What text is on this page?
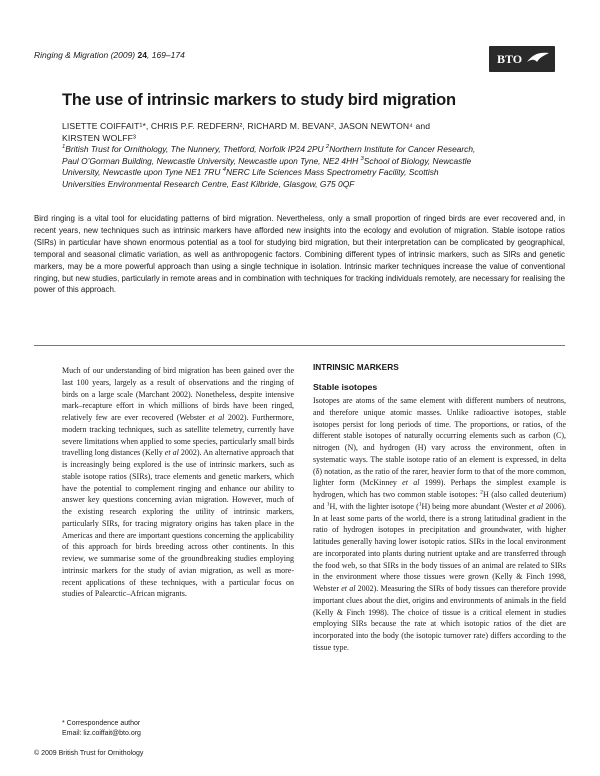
Ringing & Migration (2009) 24, 169–174	BTO
The use of intrinsic markers to study bird migration
LISETTE COIFFAIT¹*, CHRIS P.F. REDFERN², RICHARD M. BEVAN², JASON NEWTON⁴ and
KIRSTEN WOLFF³
$^1$British Trust for Ornithology, The Nunnery, Thetford, Norfolk IP24 2PU $^2$Northern Institute for Cancer Research, Paul O’Gorman Building, Newcastle University, Newcastle upon Tyne, NE2 4HH $^3$School of Biology, Newcastle University, Newcastle upon Tyne NE1 7RU $^4$NERC Life Sciences Mass Spectrometry Facility, Scottish Universities Environmental Research Centre, East Kilbride, Glasgow, G75 0QF
Bird ringing is a vital tool for elucidating patterns of bird migration. Nevertheless, only a small proportion of ringed birds are ever recovered and, in recent years, new techniques such as intrinsic markers have afforded new insights into the ecology and evolution of migration. Stable isotope ratios (SIRs) in particular have shown enormous potential as a tool for studying bird migration, but their interpretation can be complicated by geographical, temporal and seasonal climatic variation, as well as anthropogenic factors. Combining different types of intrinsic markers, such as SIRs and genetic markers, may be a more powerful approach than using a single technique in isolation. Intrinsic marker techniques increase the value of conventional ringing, but new studies, particularly in remote areas and in combination with techniques for tracking individuals remotely, are necessary for realising the power of this approach.

Much of our understanding of bird migration has been gained over the last 100 years, largely as a result of observations and the ringing of birds on a large scale (Marchant 2002). Nonetheless, despite intensive mark–recapture effort in which millions of birds have been ringed, relatively few are ever recovered (Webster et al 2002). Furthermore, modern tracking techniques, such as satellite telemetry, currently have severe limitations when applied to some species, particularly small birds travelling long distances (Kelly et al 2002). An alternative approach that is increasingly being explored is the use of intrinsic markers, such as stable isotope ratios (SIRs), trace elements and genetic markers, which have the potential to complement ringing and enhance our ability to answer key questions concerning avian migration. However, much of the existing research exploring the utility of intrinsic markers, particularly SIRs, for tracing migratory origins has taken place in the Americas and there are important questions concerning the applicability of this approach for birds breeding across other continents. In this review, we summarise some of the groundbreaking studies employing intrinsic markers for the study of avian migration, as well as more-recent applications of these techniques, with a particular focus on studies of Palearctic–African migrants.

INTRINSIC MARKERS
Stable isotopes

Isotopes are atoms of the same element with different numbers of neutrons, and therefore unique atomic masses. Unlike radioactive isotopes, stable isotopes persist for long periods of time. The proportions, or ratios, of the different stable isotopes of naturally occurring elements such as carbon (C), nitrogen (N), and hydrogen (H) vary across the environment, often in systematic ways. The stable isotope ratio of an element is expressed, in delta (δ) notation, as the ratio of the rarer, heavier form to that of the more common, lighter form (McKinney et al 1999). Perhaps the simplest example is hydrogen, which has two common stable isotopes: $^2$H (also called deuterium) and $^1$H, with the lighter isotope ($^1$H) being more abundant (Wester et al 2006). In at least some parts of the world, there is a strong latitudinal gradient in the ratio of hydrogen isotopes in precipitation and groundwater, with higher latitudes generally having lower isotopic ratios. SIRs in the local environment are incorporated into plants during nutrient uptake and are transferred through the food web, so that SIRs in the body tissues of an animal are related to SIRs in the environment where those tissues were grown (Kelly & Finch 1998, Webster et al 2002). Measuring the SIRs of body tissues can therefore provide important clues about the diet, origins and environments of animals in the field (Kelly & Finch 1998). The choice of tissue is a critical element in studies employing SIRs because the rate at which isotopic ratios of the diet are incorporated into the body (the isotopic turnover rate) differs according to the tissue type.

* Correspondence author
Email: liz.coiffait@bto.org
© 2009 British Trust for Ornithology
